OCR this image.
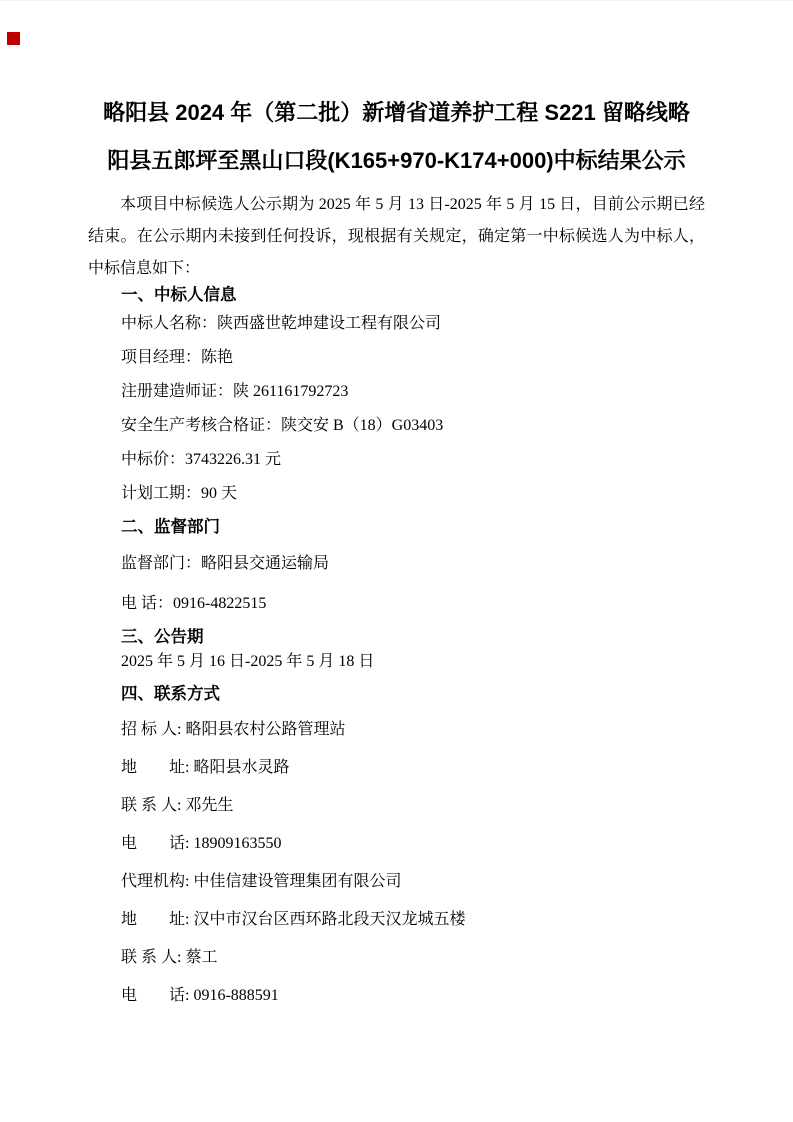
略阳县 2024 年（第二批）新增省道养护工程 S221 留略线略
阳县五郎坪至黑山口段(K165+970-K174+000)中标结果公示

本项目中标候选人公示期为 2025 年 5 月 13 日-2025 年 5 月 15 日，目前公示期已经结束。在公示期内未接到任何投诉，现根据有关规定，确定第一中标候选人为中标人，中标信息如下：

一、中标人信息

中标人名称：陕西盛世乾坤建设工程有限公司

项目经理：陈艳

注册建造师证：陕 261161792723

安全生产考核合格证：陕交安 B（18）G03403

中标价：3743226.31 元

计划工期：90 天

二、监督部门

监督部门：略阳县交通运输局

电 话：0916-4822515

三、公告期

2025 年 5 月 16 日-2025 年 5 月 18 日

四、联系方式

招 标 人: 略阳县农村公路管理站

地　　址: 略阳县水灵路

联 系 人: 邓先生

电　　话: 18909163550

代理机构: 中佳信建设管理集团有限公司

地　　址: 汉中市汉台区西环路北段天汉龙城五楼

联 系 人: 蔡工

电　　话: 0916-888591
